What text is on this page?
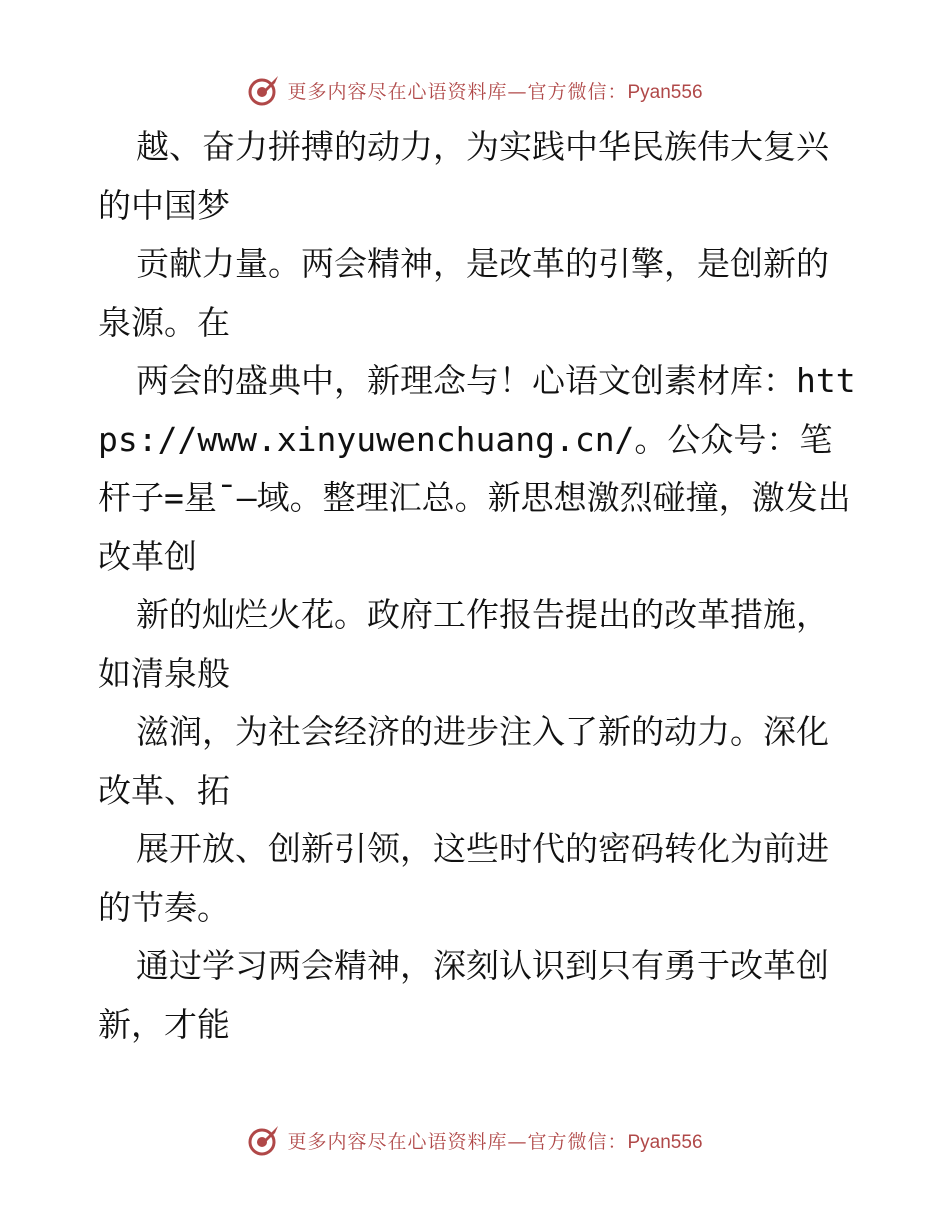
更多内容尽在心语资料库—官方微信：Pyan556

越、奋力拼搏的动力，为实践中华民族伟大复兴的中国梦

贡献力量。两会精神，是改革的引擎，是创新的泉源。在

两会的盛典中，新理念与！心语文创素材库：https://www.xinyuwenchuang.cn/。公众号：笔杆子=星¯—域。整理汇总。新思想激烈碰撞，激发出改革创

新的灿烂火花。政府工作报告提出的改革措施，如清泉般

滋润，为社会经济的进步注入了新的动力。深化改革、拓

展开放、创新引领，这些时代的密码转化为前进的节奏。

通过学习两会精神，深刻认识到只有勇于改革创新，才能

更多内容尽在心语资料库—官方微信：Pyan556
